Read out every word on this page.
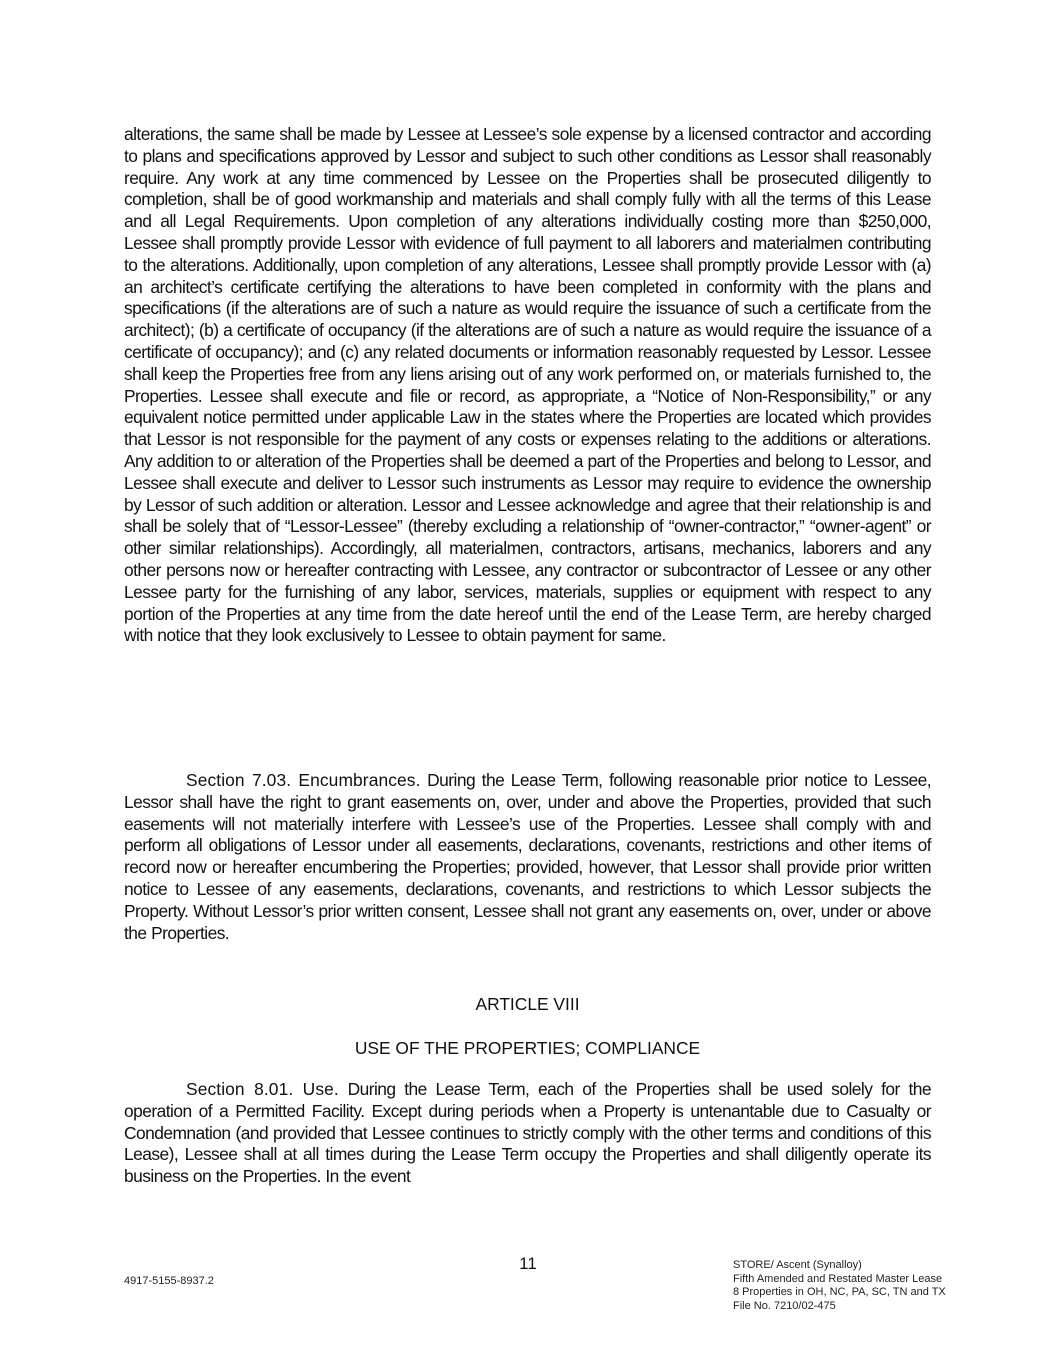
alterations, the same shall be made by Lessee at Lessee’s sole expense by a licensed contractor and according to plans and specifications approved by Lessor and subject to such other conditions as Lessor shall reasonably require. Any work at any time commenced by Lessee on the Properties shall be prosecuted diligently to completion, shall be of good workmanship and materials and shall comply fully with all the terms of this Lease and all Legal Requirements. Upon completion of any alterations individually costing more than $250,000, Lessee shall promptly provide Lessor with evidence of full payment to all laborers and materialmen contributing to the alterations. Additionally, upon completion of any alterations, Lessee shall promptly provide Lessor with (a) an architect’s certificate certifying the alterations to have been completed in conformity with the plans and specifications (if the alterations are of such a nature as would require the issuance of such a certificate from the architect); (b) a certificate of occupancy (if the alterations are of such a nature as would require the issuance of a certificate of occupancy); and (c) any related documents or information reasonably requested by Lessor. Lessee shall keep the Properties free from any liens arising out of any work performed on, or materials furnished to, the Properties. Lessee shall execute and file or record, as appropriate, a “Notice of Non-Responsibility,” or any equivalent notice permitted under applicable Law in the states where the Properties are located which provides that Lessor is not responsible for the payment of any costs or expenses relating to the additions or alterations. Any addition to or alteration of the Properties shall be deemed a part of the Properties and belong to Lessor, and Lessee shall execute and deliver to Lessor such instruments as Lessor may require to evidence the ownership by Lessor of such addition or alteration. Lessor and Lessee acknowledge and agree that their relationship is and shall be solely that of “Lessor-Lessee” (thereby excluding a relationship of “owner-contractor,” “owner-agent” or other similar relationships). Accordingly, all materialmen, contractors, artisans, mechanics, laborers and any other persons now or hereafter contracting with Lessee, any contractor or subcontractor of Lessee or any other Lessee party for the furnishing of any labor, services, materials, supplies or equipment with respect to any portion of the Properties at any time from the date hereof until the end of the Lease Term, are hereby charged with notice that they look exclusively to Lessee to obtain payment for same.

Section 7.03. Encumbrances. During the Lease Term, following reasonable prior notice to Lessee, Lessor shall have the right to grant easements on, over, under and above the Properties, provided that such easements will not materially interfere with Lessee’s use of the Properties. Lessee shall comply with and perform all obligations of Lessor under all easements, declarations, covenants, restrictions and other items of record now or hereafter encumbering the Properties; provided, however, that Lessor shall provide prior written notice to Lessee of any easements, declarations, covenants, and restrictions to which Lessor subjects the Property. Without Lessor’s prior written consent, Lessee shall not grant any easements on, over, under or above the Properties.

ARTICLE VIII
USE OF THE PROPERTIES; COMPLIANCE

Section 8.01. Use. During the Lease Term, each of the Properties shall be used solely for the operation of a Permitted Facility. Except during periods when a Property is untenantable due to Casualty or Condemnation (and provided that Lessee continues to strictly comply with the other terms and conditions of this Lease), Lessee shall at all times during the Lease Term occupy the Properties and shall diligently operate its business on the Properties. In the event

11
4917-5155-8937.2
STORE/ Ascent (Synalloy)
Fifth Amended and Restated Master Lease
8 Properties in OH, NC, PA, SC, TN and TX
File No. 7210/02-475
